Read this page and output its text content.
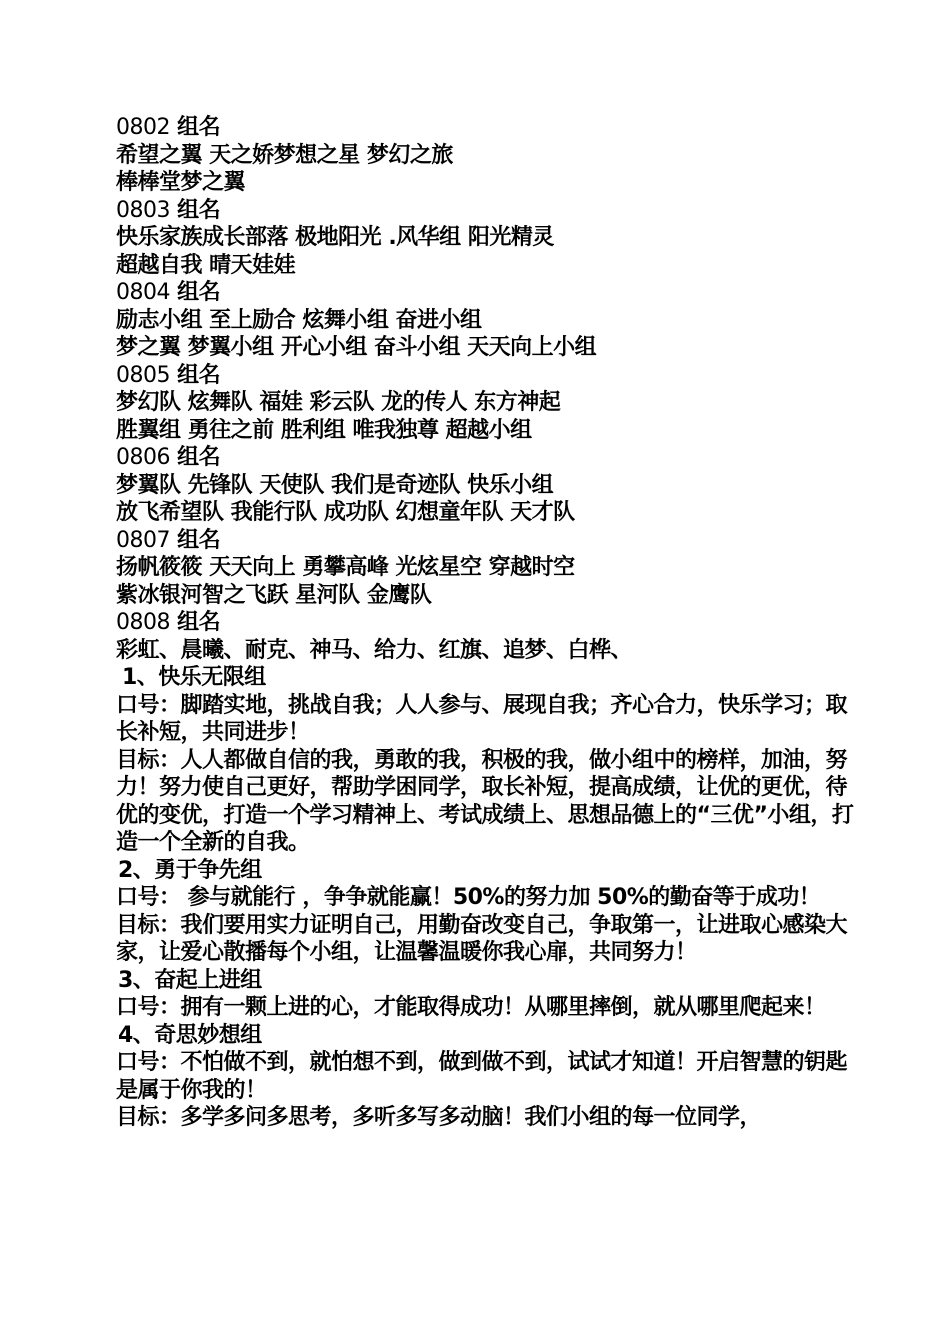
0802 组名
希望之翼 天之娇梦想之星 梦幻之旅
棒棒堂梦之翼
0803 组名
快乐家族成长部落 极地阳光 .风华组 阳光精灵
超越自我 晴天娃娃
0804 组名
励志小组 至上励合 炫舞小组 奋进小组
梦之翼 梦翼小组 开心小组 奋斗小组 天天向上小组
0805 组名
梦幻队 炫舞队 福娃 彩云队 龙的传人 东方神起
胜翼组 勇往之前 胜利组 唯我独尊 超越小组
0806 组名
梦翼队 先锋队 天使队 我们是奇迹队 快乐小组
放飞希望队 我能行队 成功队 幻想童年队 天才队
0807 组名
扬帆筱筱 天天向上 勇攀高峰 光炫星空 穿越时空
紫冰银河智之飞跃 星河队 金鹰队
0808 组名
彩虹、晨曦、耐克、神马、给力、红旗、追梦、白桦、
1、快乐无限组
口号：脚踏实地，挑战自我；人人参与、展现自我；齐心合力，快乐学习；取长补短，共同进步！
目标：人人都做自信的我，勇敢的我，积极的我，做小组中的榜样，加油，努力！努力使自己更好，帮助学困同学，取长补短，提高成绩，让优的更优，待优的变优，打造一个学习精神上、考试成绩上、思想品德上的“三优”小组，打造一个全新的自我。
2、勇于争先组
口号： 参与就能行 ，争争就能赢！50%的努力加 50%的勤奋等于成功！
目标：我们要用实力证明自己，用勤奋改变自己，争取第一，让进取心感染大家，让爱心散播每个小组，让温馨温暖你我心扉，共同努力！
3、奋起上进组
口号：拥有一颗上进的心，才能取得成功！从哪里摔倒，就从哪里爬起来！
4、奇思妙想组
口号：不怕做不到，就怕想不到，做到做不到，试试才知道！开启智慧的钥匙是属于你我的！
目标：多学多问多思考，多听多写多动脑！我们小组的每一位同学，
